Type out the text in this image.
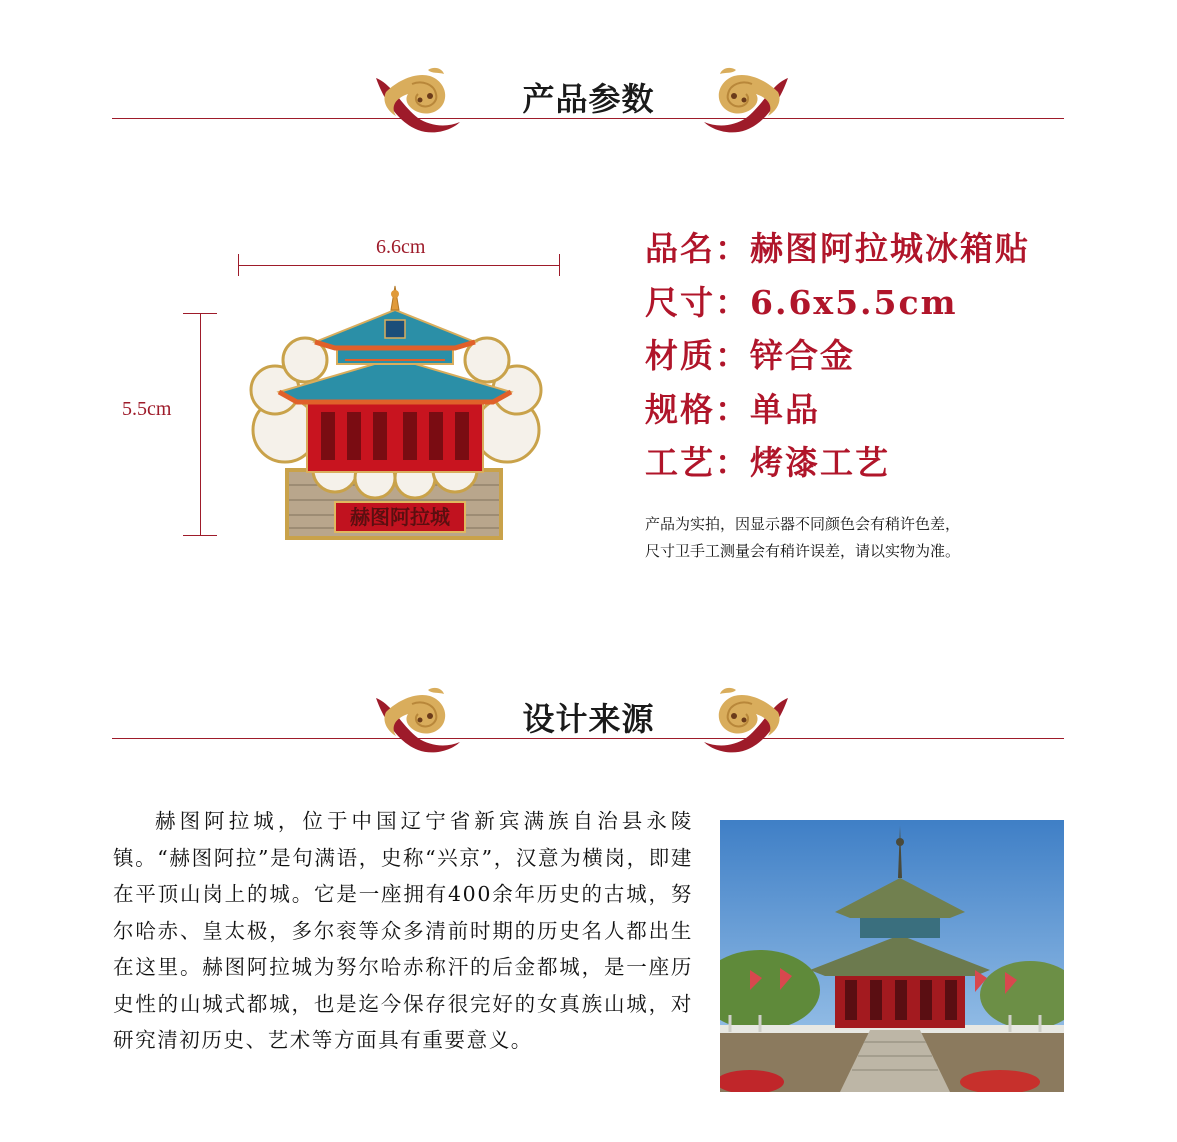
产品参数
6.6cm
5.5cm
赫图阿拉城
品名：赫图阿拉城冰箱贴
尺寸：6.6x5.5cm
材质：锌合金
规格：单品
工艺：烤漆工艺
产品为实拍，因显示器不同颜色会有稍许色差，
尺寸卫手工测量会有稍许误差，请以实物为准。
设计来源
赫图阿拉城，位于中国辽宁省新宾满族自治县永陵镇。“赫图阿拉”是句满语，史称“兴京”，汉意为横岗，即建在平顶山岗上的城。它是一座拥有400余年历史的古城，努尔哈赤、皇太极，多尔衮等众多清前时期的历史名人都出生在这里。赫图阿拉城为努尔哈赤称汗的后金都城，是一座历史性的山城式都城，也是迄今保存很完好的女真族山城，对研究清初历史、艺术等方面具有重要意义。
